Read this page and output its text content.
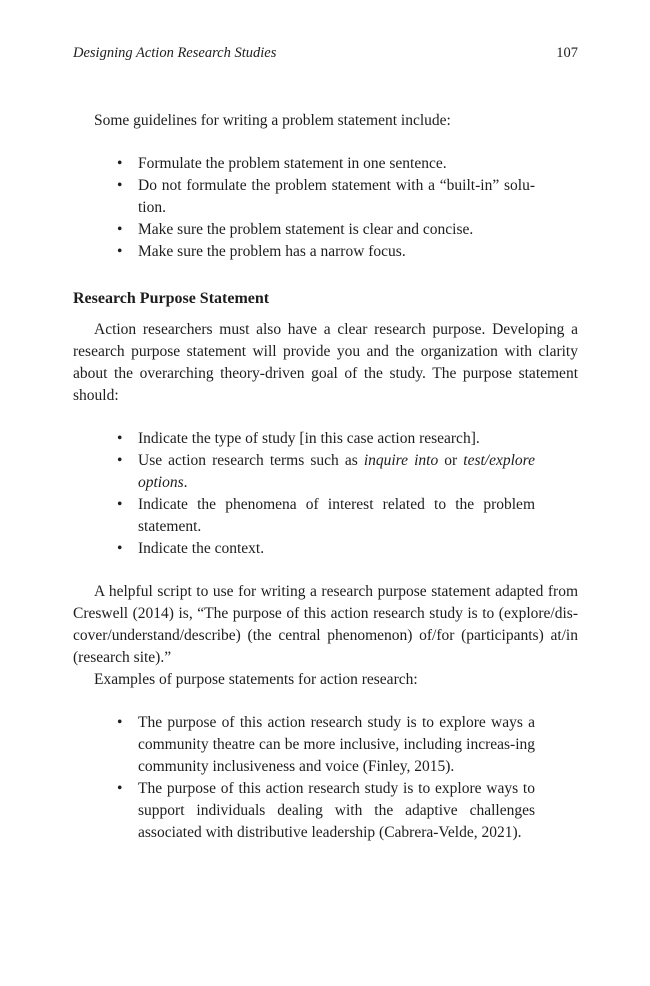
Designing Action Research Studies	107

Some guidelines for writing a problem statement include:

• Formulate the problem statement in one sentence.
• Do not formulate the problem statement with a “built-in” solu-tion.
• Make sure the problem statement is clear and concise.
• Make sure the problem has a narrow focus.
Research Purpose Statement

Action researchers must also have a clear research purpose. Developing a research purpose statement will provide you and the organization with clarity about the overarching theory-driven goal of the study. The purpose statement should:

• Indicate the type of study [in this case action research].
• Use action research terms such as inquire into or test/explore options.
• Indicate the phenomena of interest related to the problem statement.
• Indicate the context.

A helpful script to use for writing a research purpose statement adapted from Creswell (2014) is, “The purpose of this action research study is to (explore/dis-cover/understand/describe) (the central phenomenon) of/for (participants) at/in (research site).”

Examples of purpose statements for action research:

• The purpose of this action research study is to explore ways a community theatre can be more inclusive, including increas-ing community inclusiveness and voice (Finley, 2015).
• The purpose of this action research study is to explore ways to support individuals dealing with the adaptive challenges associated with distributive leadership (Cabrera-Velde, 2021).
